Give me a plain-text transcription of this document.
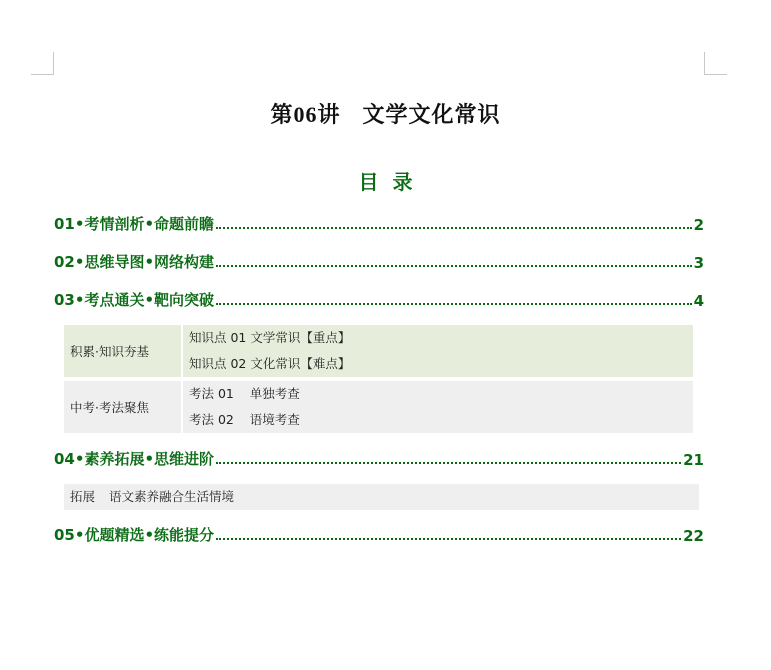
第06讲 文学文化常识
目录
01•考情剖析•命题前瞻	2
02•思维导图•网络构建	3
03•考点通关•靶向突破	4
积累·知识夯基
知识点 01 文学常识【重点】
知识点 02 文化常识【难点】
中考·考法聚焦
考法 01    单独考查
考法 02    语境考查
04•素养拓展•思维进阶	21
拓展 语文素养融合生活情境
05•优题精选•练能提分	22
